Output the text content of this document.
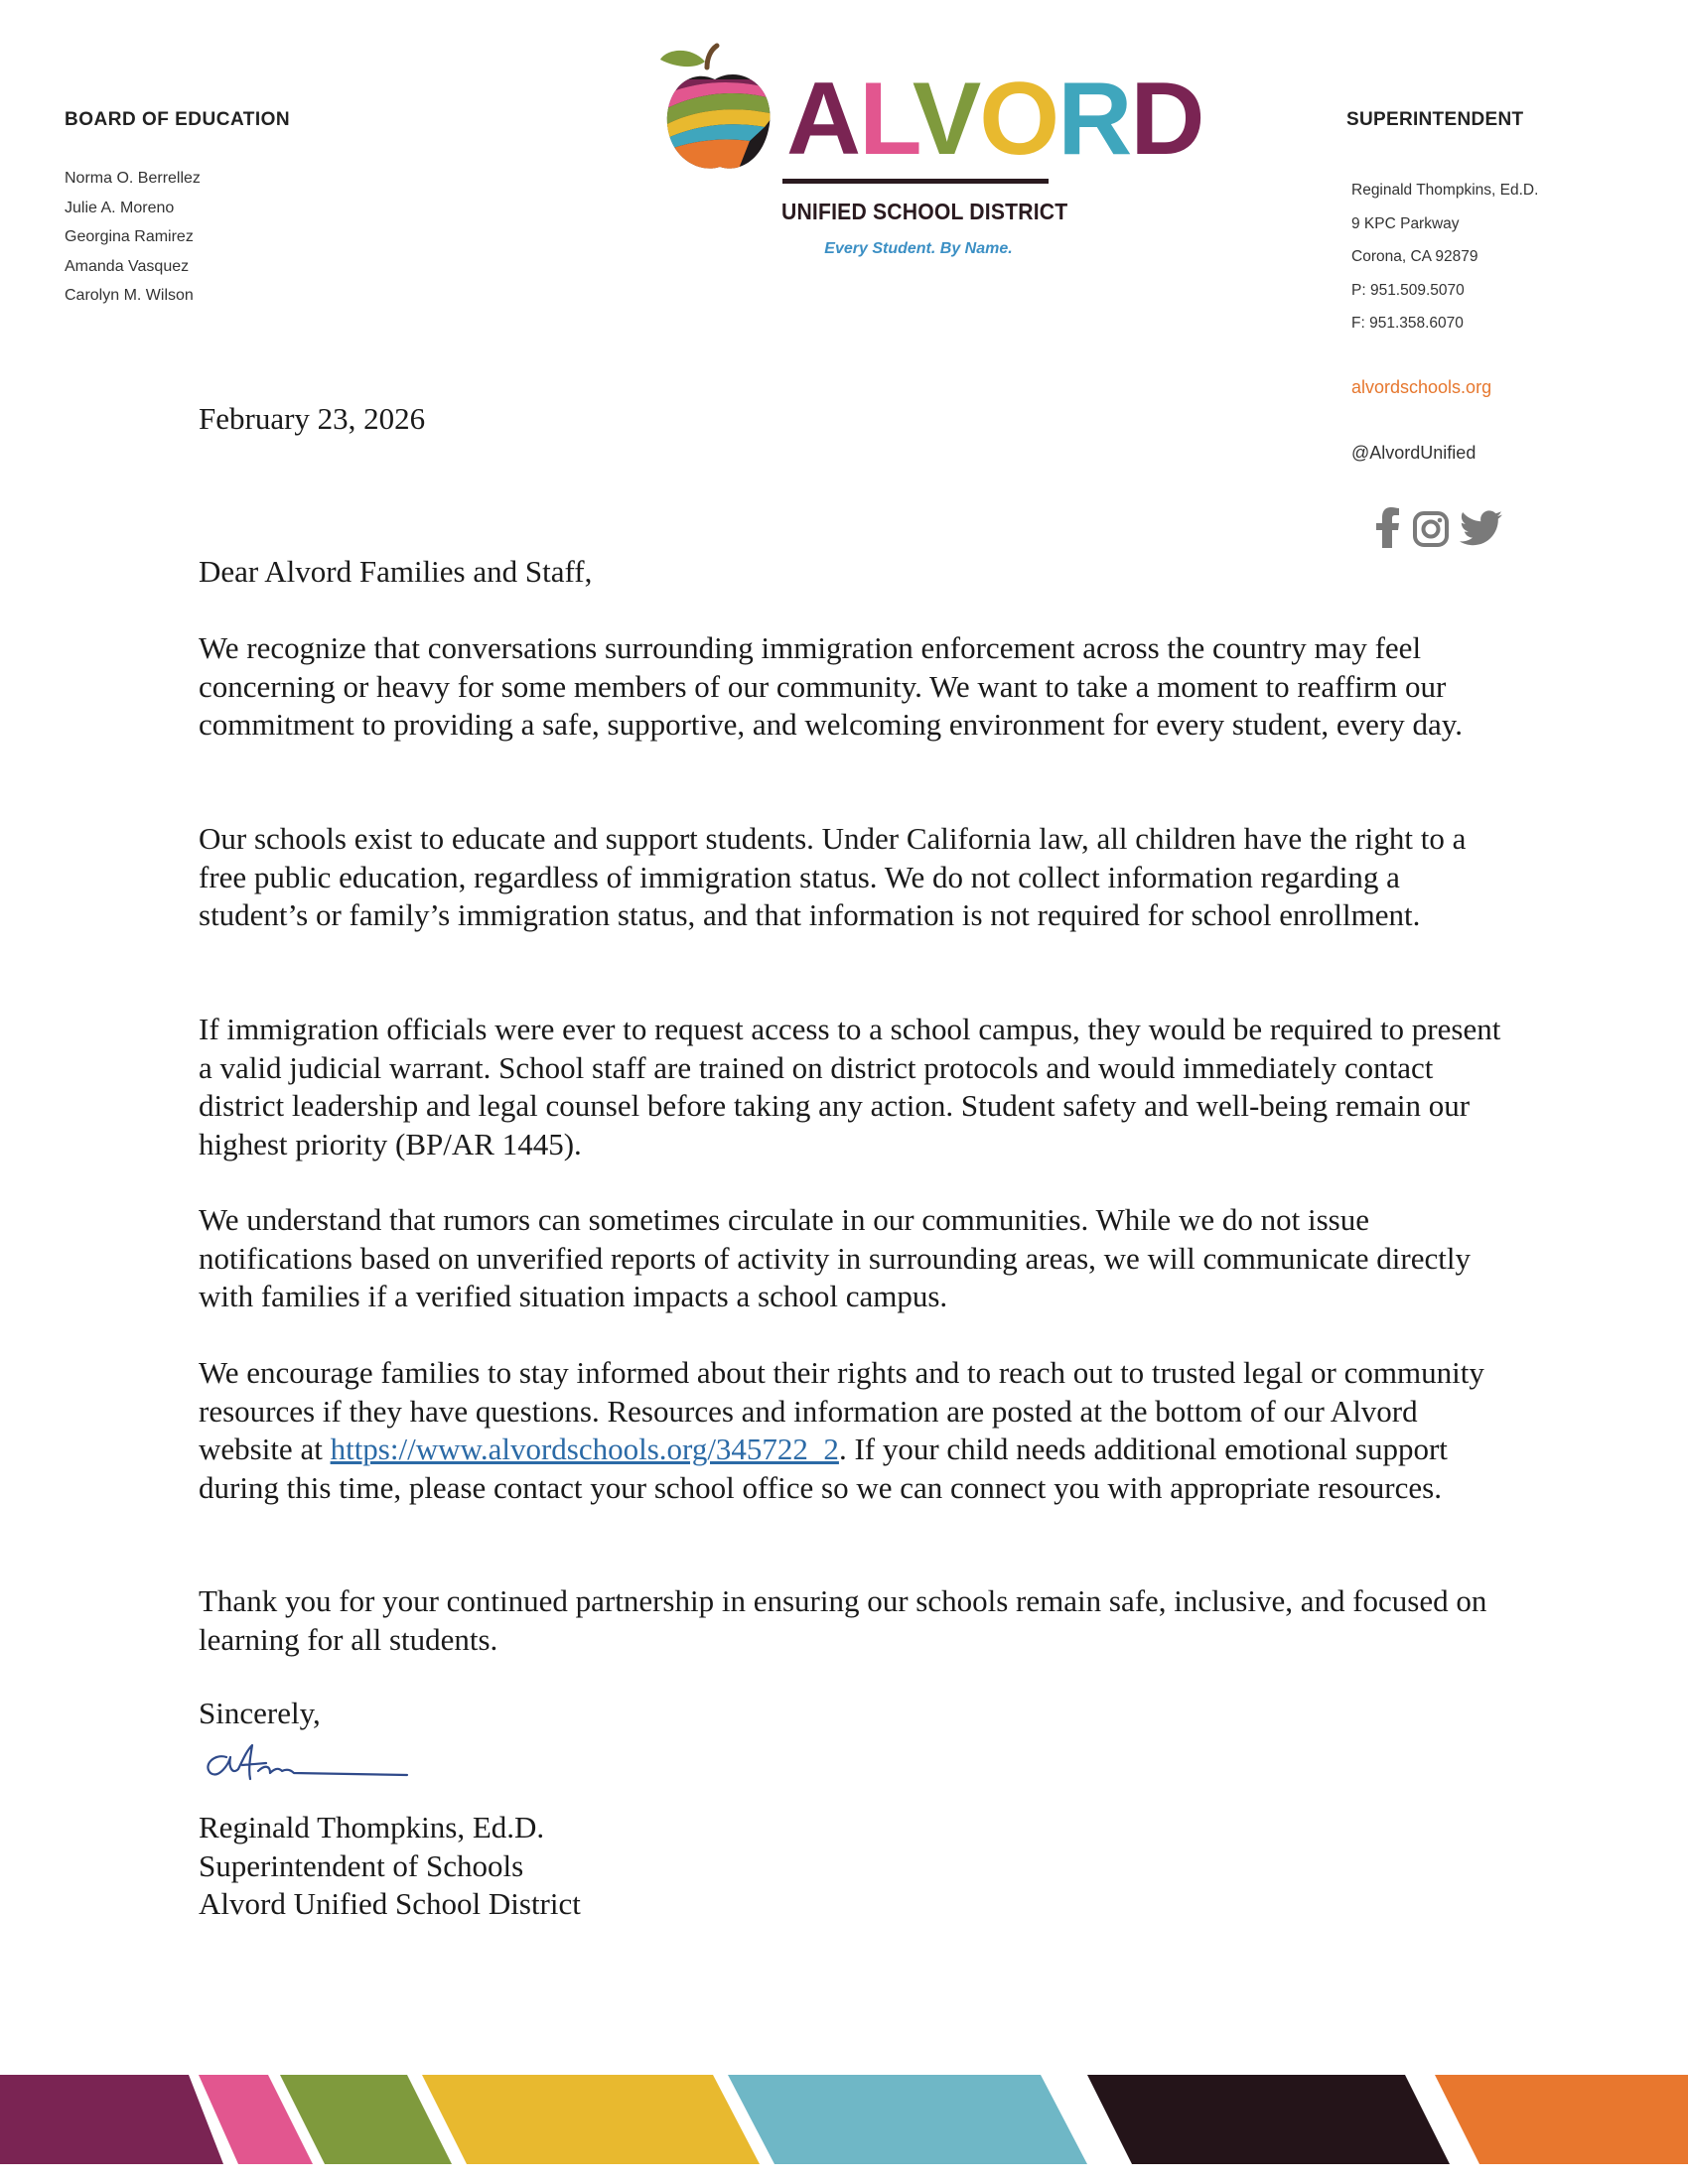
BOARD OF EDUCATION
Norma O. Berrellez
Julie A. Moreno
Georgina Ramirez
Amanda Vasquez
Carolyn M. Wilson
ALVORD
UNIFIED SCHOOL DISTRICT
Every Student. By Name.
SUPERINTENDENT
Reginald Thompkins, Ed.D.
9 KPC Parkway
Corona, CA 92879
P: 951.509.5070
F: 951.358.6070
alvordschools.org
@AlvordUnified
February 23, 2026
Dear Alvord Families and Staff,

We recognize that conversations surrounding immigration enforcement across the country may feel concerning or heavy for some members of our community. We want to take a moment to reaffirm our commitment to providing a safe, supportive, and welcoming environment for every student, every day.

Our schools exist to educate and support students. Under California law, all children have the right to a free public education, regardless of immigration status. We do not collect information regarding a student’s or family’s immigration status, and that information is not required for school enrollment.

If immigration officials were ever to request access to a school campus, they would be required to present a valid judicial warrant. School staff are trained on district protocols and would immediately contact district leadership and legal counsel before taking any action. Student safety and well-being remain our highest priority (BP/AR 1445).

We understand that rumors can sometimes circulate in our communities. While we do not issue notifications based on unverified reports of activity in surrounding areas, we will communicate directly with families if a verified situation impacts a school campus.

We encourage families to stay informed about their rights and to reach out to trusted legal or community resources if they have questions. Resources and information are posted at the bottom of our Alvord website at https://www.alvordschools.org/345722_2. If your child needs additional emotional support during this time, please contact your school office so we can connect you with appropriate resources.

Thank you for your continued partnership in ensuring our schools remain safe, inclusive, and focused on learning for all students.

Sincerely,
Reginald Thompkins, Ed.D.
Superintendent of Schools
Alvord Unified School District
